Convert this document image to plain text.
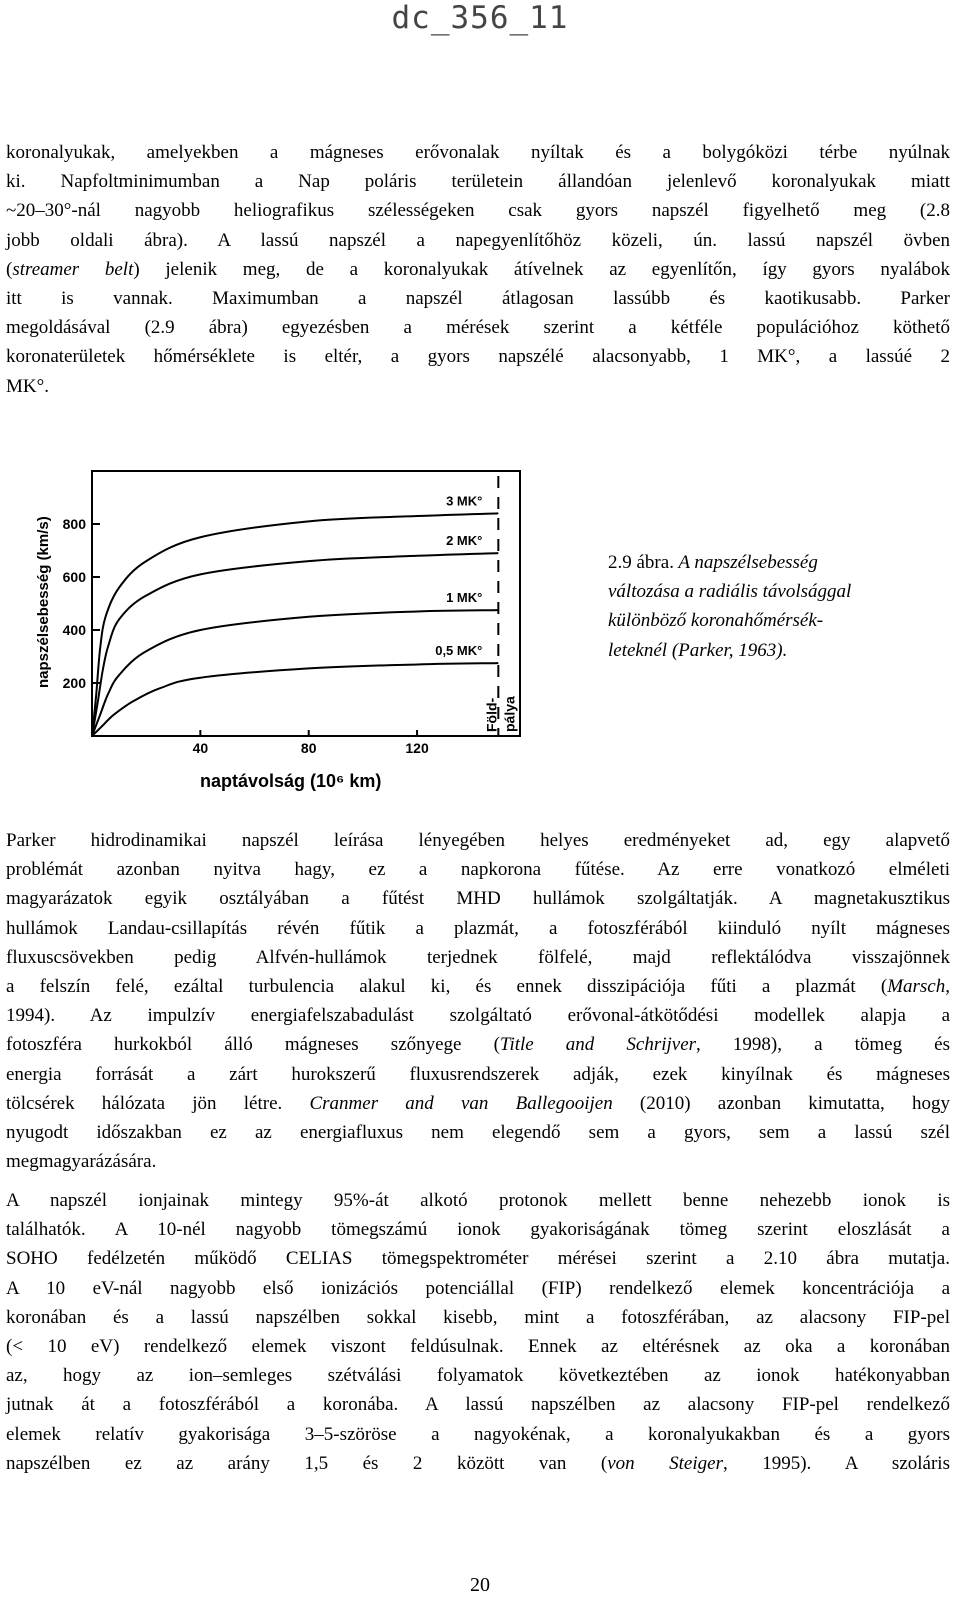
dc_356_11
koronalyukak, amelyekben a mágneses erővonalak nyíltak és a bolygóközi térbe nyúlnak
ki. Napfoltminimumban a Nap poláris területein állandóan jelenlevő koronalyukak miatt
~20–30°-nál nagyobb heliografikus szélességeken csak gyors napszél figyelhető meg (2.8
jobb oldali ábra). A lassú napszél a napegyenlítőhöz közeli, ún. lassú napszél övben
(streamer belt) jelenik meg, de a koronalyukak átívelnek az egyenlítőn, így gyors nyalábok
itt is vannak. Maximumban a napszél átlagosan lassúbb és kaotikusabb. Parker
megoldásával (2.9 ábra) egyezésben a mérések szerint a kétféle populációhoz köthető
koronaterületek hőmérséklete is eltér, a gyors napszélé alacsonyabb, 1 MK°, a lassúé 2
MK°.
200
400
600
800
40	80	120
3 MK°
2 MK°
1 MK°
0,5 MK°
Föld- pálya
napszélsebesség (km/s)
naptávolság (10⁶ km)
2.9 ábra. A napszélsebesség
változása a radiális távolsággal
különböző koronahőmérsék-
leteknél (Parker, 1963).
Parker hidrodinamikai napszél leírása lényegében helyes eredményeket ad, egy alapvető
problémát azonban nyitva hagy, ez a napkorona fűtése. Az erre vonatkozó elméleti
magyarázatok egyik osztályában a fűtést MHD hullámok szolgáltatják. A magnetakusztikus
hullámok Landau-csillapítás révén fűtik a plazmát, a fotoszférából kiinduló nyílt mágneses
fluxuscsövekben pedig Alfvén-hullámok terjednek fölfelé, majd reflektálódva visszajönnek
a felszín felé, ezáltal turbulencia alakul ki, és ennek disszipációja fűti a plazmát (Marsch,
1994). Az impulzív energiafelszabadulást szolgáltató erővonal-átkötődési modellek alapja a
fotoszféra hurkokból álló mágneses szőnyege (Title and Schrijver, 1998), a tömeg és
energia forrását a zárt hurokszerű fluxusrendszerek adják, ezek kinyílnak és mágneses
tölcsérek hálózata jön létre. Cranmer and van Ballegooijen (2010) azonban kimutatta, hogy
nyugodt időszakban ez az energiafluxus nem elegendő sem a gyors, sem a lassú szél
megmagyarázására.
A napszél ionjainak mintegy 95%-át alkotó protonok mellett benne nehezebb ionok is
találhatók. A 10-nél nagyobb tömegszámú ionok gyakoriságának tömeg szerint eloszlását a
SOHO fedélzetén működő CELIAS tömegspektrométer mérései szerint a 2.10 ábra mutatja.
A 10 eV-nál nagyobb első ionizációs potenciállal (FIP) rendelkező elemek koncentrációja a
koronában és a lassú napszélben sokkal kisebb, mint a fotoszférában, az alacsony FIP-pel
(< 10 eV) rendelkező elemek viszont feldúsulnak. Ennek az eltérésnek az oka a koronában
az, hogy az ion–semleges szétválási folyamatok következtében az ionok hatékonyabban
jutnak át a fotoszférából a koronába. A lassú napszélben az alacsony FIP-pel rendelkező
elemek relatív gyakorisága 3–5-szöröse a nagyokénak, a koronalyukakban és a gyors
napszélben ez az arány 1,5 és 2 között van (von Steiger, 1995). A szoláris
20
